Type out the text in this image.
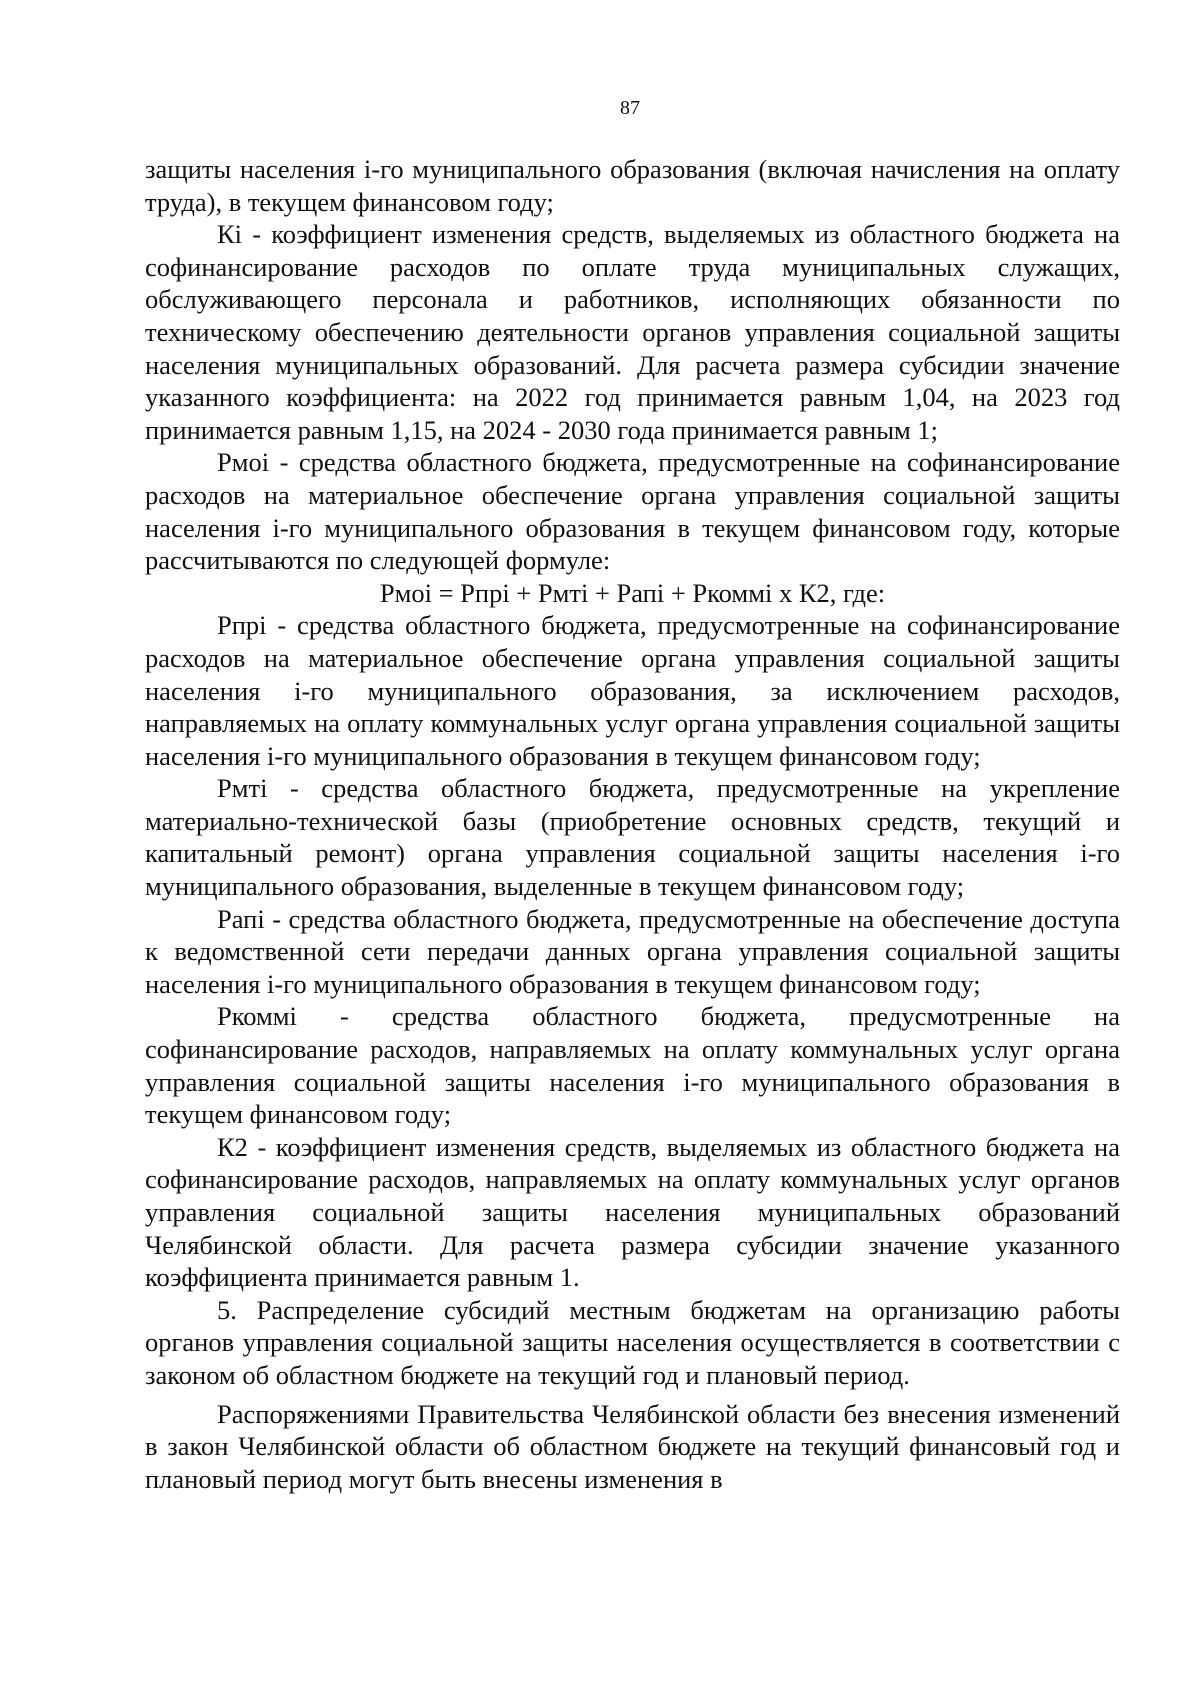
87

защиты населения i-го муниципального образования (включая начисления на оплату труда), в текущем финансовом году;

Кi - коэффициент изменения средств, выделяемых из областного бюджета на софинансирование расходов по оплате труда муниципальных служащих, обслуживающего персонала и работников, исполняющих обязанности по техническому обеспечению деятельности органов управления социальной защиты населения муниципальных образований. Для расчета размера субсидии значение указанного коэффициента: на 2022 год принимается равным 1,04, на 2023 год принимается равным 1,15, на 2024 - 2030 года принимается равным 1;

Рмоi - средства областного бюджета, предусмотренные на софинансирование расходов на материальное обеспечение органа управления социальной защиты населения i-го муниципального образования в текущем финансовом году, которые рассчитываются по следующей формуле:

Рмоi = Рпрi + Рмтi + Рапi + Ркоммi х К2, где:

Рпрi - средства областного бюджета, предусмотренные на софинансирование расходов на материальное обеспечение органа управления социальной защиты населения i-го муниципального образования, за исключением расходов, направляемых на оплату коммунальных услуг органа управления социальной защиты населения i-го муниципального образования в текущем финансовом году;

Рмтi - средства областного бюджета, предусмотренные на укрепление материально-технической базы (приобретение основных средств, текущий и капитальный ремонт) органа управления социальной защиты населения i-го муниципального образования, выделенные в текущем финансовом году;

Рапi - средства областного бюджета, предусмотренные на обеспечение доступа к ведомственной сети передачи данных органа управления социальной защиты населения i-го муниципального образования в текущем финансовом году;

Ркоммi - средства областного бюджета, предусмотренные на софинансирование расходов, направляемых на оплату коммунальных услуг органа управления социальной защиты населения i-го муниципального образования в текущем финансовом году;

К2 - коэффициент изменения средств, выделяемых из областного бюджета на софинансирование расходов, направляемых на оплату коммунальных услуг органов управления социальной защиты населения муниципальных образований Челябинской области. Для расчета размера субсидии значение указанного коэффициента принимается равным 1.

5. Распределение субсидий местным бюджетам на организацию работы органов управления социальной защиты населения осуществляется в соответствии с законом об областном бюджете на текущий год и плановый период.

Распоряжениями Правительства Челябинской области без внесения изменений в закон Челябинской области об областном бюджете на текущий финансовый год и плановый период могут быть внесены изменения в
